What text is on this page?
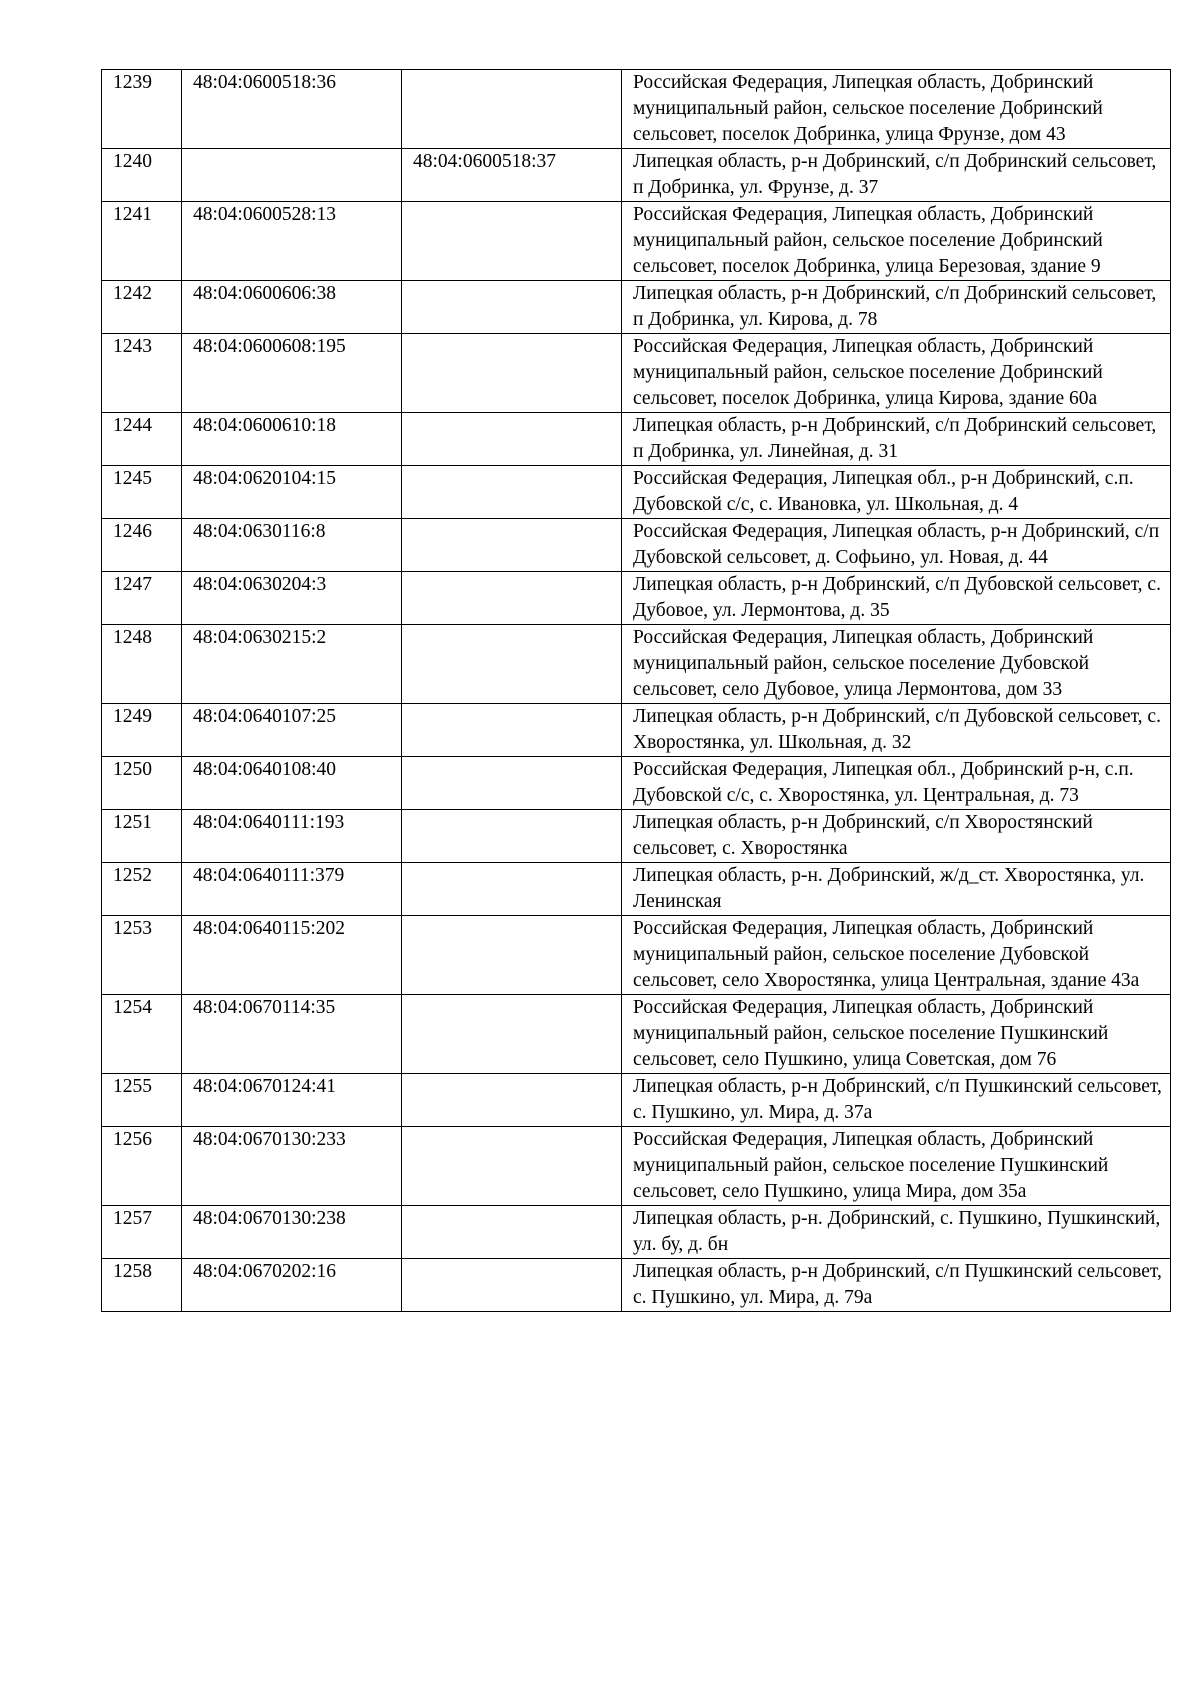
1239	48:04:0600518:36		Российская Федерация, Липецкая область, Добринский муниципальный район, сельское поселение Добринский сельсовет, поселок Добринка, улица Фрунзе, дом 43
1240		48:04:0600518:37	Липецкая область, р-н Добринский, с/п Добринский сельсовет, п Добринка, ул. Фрунзе, д. 37
1241	48:04:0600528:13		Российская Федерация, Липецкая область, Добринский муниципальный район, сельское поселение Добринский сельсовет, поселок Добринка, улица Березовая, здание 9
1242	48:04:0600606:38		Липецкая область, р-н Добринский, с/п Добринский сельсовет, п Добринка, ул. Кирова, д. 78
1243	48:04:0600608:195		Российская Федерация, Липецкая область, Добринский муниципальный район, сельское поселение Добринский сельсовет, поселок Добринка, улица Кирова, здание 60а
1244	48:04:0600610:18		Липецкая область, р-н Добринский, с/п Добринский сельсовет, п Добринка, ул. Линейная, д. 31
1245	48:04:0620104:15		Российская Федерация, Липецкая обл., р-н Добринский, с.п. Дубовской с/с, с. Ивановка, ул. Школьная, д. 4
1246	48:04:0630116:8		Российская Федерация, Липецкая область, р-н Добринский, с/п Дубовской сельсовет, д. Софьино, ул. Новая, д. 44
1247	48:04:0630204:3		Липецкая область, р-н Добринский, с/п Дубовской сельсовет, с. Дубовое, ул. Лермонтова, д. 35
1248	48:04:0630215:2		Российская Федерация, Липецкая область, Добринский муниципальный район, сельское поселение Дубовской сельсовет, село Дубовое, улица Лермонтова, дом 33
1249	48:04:0640107:25		Липецкая область, р-н Добринский, с/п Дубовской сельсовет, с. Хворостянка, ул. Школьная, д. 32
1250	48:04:0640108:40		Российская Федерация, Липецкая обл., Добринский р-н, с.п. Дубовской с/с, с. Хворостянка, ул. Центральная, д. 73
1251	48:04:0640111:193		Липецкая область, р-н Добринский, с/п Хворостянский сельсовет, с. Хворостянка
1252	48:04:0640111:379		Липецкая область, р-н. Добринский, ж/д_ст. Хворостянка, ул. Ленинская
1253	48:04:0640115:202		Российская Федерация, Липецкая область, Добринский муниципальный район, сельское поселение Дубовской сельсовет, село Хворостянка, улица Центральная, здание 43а
1254	48:04:0670114:35		Российская Федерация, Липецкая область, Добринский муниципальный район, сельское поселение Пушкинский сельсовет, село Пушкино, улица Советская, дом 76
1255	48:04:0670124:41		Липецкая область, р-н Добринский, с/п Пушкинский сельсовет, с. Пушкино, ул. Мира, д. 37а
1256	48:04:0670130:233		Российская Федерация, Липецкая область, Добринский муниципальный район, сельское поселение Пушкинский сельсовет, село Пушкино, улица Мира, дом 35а
1257	48:04:0670130:238		Липецкая область, р-н. Добринский, с. Пушкино, Пушкинский, ул. бу, д. бн
1258	48:04:0670202:16		Липецкая область, р-н Добринский, с/п Пушкинский сельсовет, с. Пушкино, ул. Мира, д. 79а
